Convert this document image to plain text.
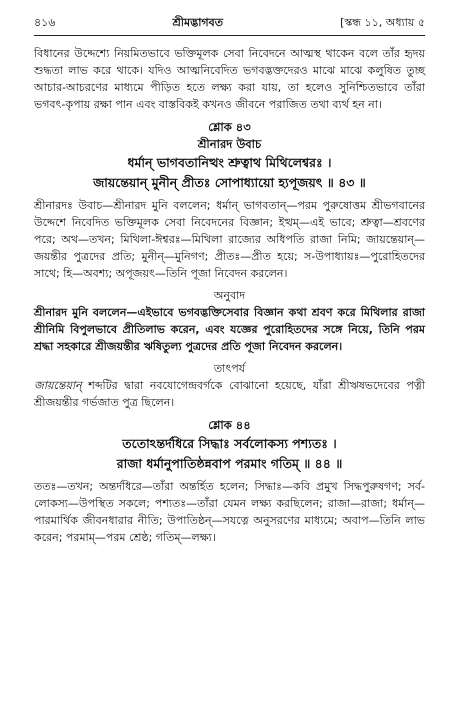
৪১৬	শ্রীমদ্ভাগবত	[স্কন্ধ ১১, অধ্যায় ৫

বিধানের উদ্দেশ্যে নিয়মিতভাবে ভক্তিমূলক সেবা নিবেদনে আত্মস্থ থাকেন বলে তাঁর হৃদয় শুদ্ধতা লাভ করে থাকে। যদিও আত্মনিবেদিত ভগবদ্ভক্তদেরও মাঝে মাঝে কলুষিত তুচ্ছ আচার-আচরণের মাধ্যমে পীড়িত হতে লক্ষ্য করা যায়, তা হলেও সুনিশ্চিতভাবে তাঁরা ভগবৎ-কৃপায় রক্ষা পান এবং বাস্তবিকই কখনও জীবনে পরাজিত তথা ব্যর্থ হন না।

শ্লোক ৪৩
শ্রীনারদ উবাচ
ধর্মান্ ভাগবতানিত্থং শ্রুত্বাথ মিথিলেশ্বরঃ ।
জায়ন্তেয়ান্ মুনীন্ প্রীতঃ সোপাধ্যায়ো হ্যপূজয়ৎ ॥ ৪৩ ॥

শ্রীনারদঃ উবাচ—শ্রীনারদ মুনি বললেন; ধর্মান্ ভাগবতান্—পরম পুরুষোত্তম শ্রীভগবানের উদ্দেশে নিবেদিত ভক্তিমূলক সেবা নিবেদনের বিজ্ঞান; ইত্থম্—এই ভাবে; শ্রুত্বা—শ্রবণের পরে; অথ—তখন; মিথিলা-ঈশ্বরঃ—মিথিলা রাজ্যের অধিপতি রাজা নিমি; জায়ন্তেয়ান্—জয়ন্তীর পুত্রদের প্রতি; মুনীন্—মুনিগণ; প্রীতঃ—প্রীত হয়ে; স-উপাধ্যায়ঃ—পুরোহিতদের সাথে; হি—অবশ্য; অপূজয়ৎ—তিনি পূজা নিবেদন করলেন।

অনুবাদ

শ্রীনারদ মুনি বললেন—এইভাবে ভগবদ্ভক্তিসেবার বিজ্ঞান কথা শ্রবণ করে মিথিলার রাজা শ্রীনিমি বিপুলভাবে প্রীতিলাভ করেন, এবং যজ্ঞের পুরোহিতদের সঙ্গে নিয়ে, তিনি পরম শ্রদ্ধা সহকারে শ্রীজয়ন্তীর ঋষিতুল্য পুত্রদের প্রতি পূজা নিবেদন করলেন।

তাৎপর্য

জায়ন্তেয়ান্ শব্দটির দ্বারা নবযোগেন্দ্রবর্গকে বোঝানো হয়েছে, যাঁরা শ্রীঋষভদেবের পত্নী শ্রীজয়ন্তীর গর্ভজাত পুত্র ছিলেন।

শ্লোক ৪৪
ততোঽন্তর্দধিরে সিদ্ধাঃ সর্বলোকস্য পশ্যতঃ ।
রাজা ধর্মানুপাতিষ্ঠন্নবাপ পরমাং গতিম্ ॥ ৪৪ ॥

ততঃ—তখন; অন্তর্দধিরে—তাঁরা অন্তর্হিত হলেন; সিদ্ধাঃ—কবি প্রমুখ সিদ্ধপুরুষগণ; সর্ব-লোকস্য—উপস্থিত সকলে; পশ্যতঃ—তাঁরা যেমন লক্ষ্য করছিলেন; রাজা—রাজা; ধর্মান্—পারমার্থিক জীবনধারার নীতি; উপাতিষ্ঠন্—সযত্নে অনুসরণের মাধ্যমে; অবাপ—তিনি লাভ করেন; পরমাম্—পরম শ্রেষ্ঠ; গতিম্—লক্ষ্য।
